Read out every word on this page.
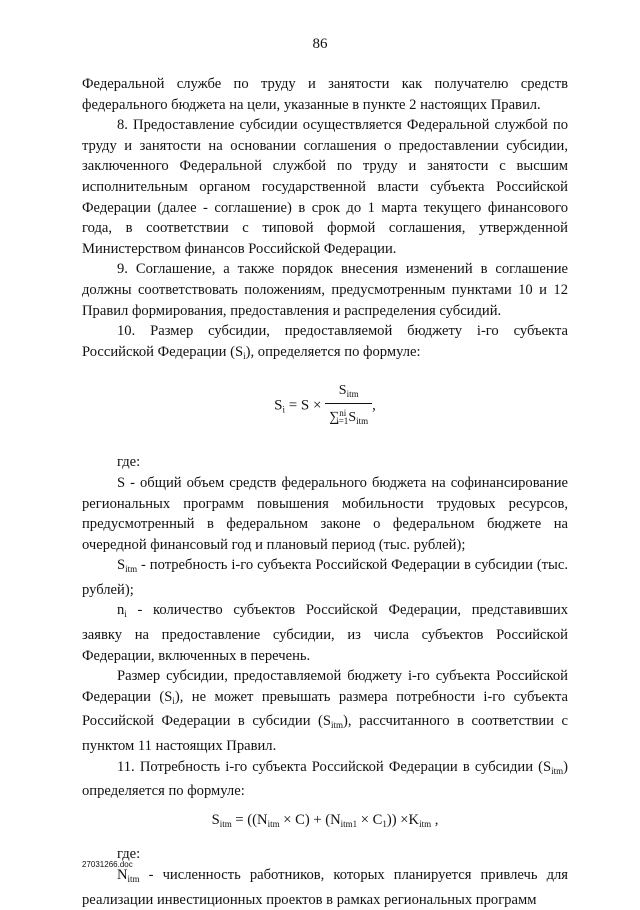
86

Федеральной службе по труду и занятости как получателю средств федерального бюджета на цели, указанные в пункте 2 настоящих Правил.

8. Предоставление субсидии осуществляется Федеральной службой по труду и занятости на основании соглашения о предоставлении субсидии, заключенного Федеральной службой по труду и занятости с высшим исполнительным органом государственной власти субъекта Российской Федерации (далее - соглашение) в срок до 1 марта текущего финансового года, в соответствии с типовой формой соглашения, утвержденной Министерством финансов Российской Федерации.

9. Соглашение, а также порядок внесения изменений в соглашение должны соответствовать положениям, предусмотренным пунктами 10 и 12 Правил формирования, предоставления и распределения субсидий.

10. Размер субсидии, предоставляемой бюджету i-го субъекта Российской Федерации $(S_i)$, определяется по формуле:

$S_i = S \times \frac{S_{itm}}{\sum^{ni}_{i=1}S_{itm}}$ ,

где:

S - общий объем средств федерального бюджета на софинансирование региональных программ повышения мобильности трудовых ресурсов, предусмотренный в федеральном законе о федеральном бюджете на очередной финансовый год и плановый период (тыс. рублей);

$S_{itm}$ - потребность i-го субъекта Российской Федерации в субсидии (тыс. рублей);

$n_i$ - количество субъектов Российской Федерации, представивших заявку на предоставление субсидии, из числа субъектов Российской Федерации, включенных в перечень.

Размер субсидии, предоставляемой бюджету i-го субъекта Российской Федерации $(S_i)$, не может превышать размера потребности i-го субъекта Российской Федерации в субсидии $(S_{itm})$, рассчитанного в соответствии с пунктом 11 настоящих Правил.

11. Потребность i-го субъекта Российской Федерации в субсидии $(S_{itm})$ определяется по формуле:

$S_{itm} = ((N_{itm} \times C) + (N_{itm1} \times C_1)) \times K_{itm}$ ,

где:

$N_{itm}$ - численность работников, которых планируется привлечь для реализации инвестиционных проектов в рамках региональных программ

27031266.doc
